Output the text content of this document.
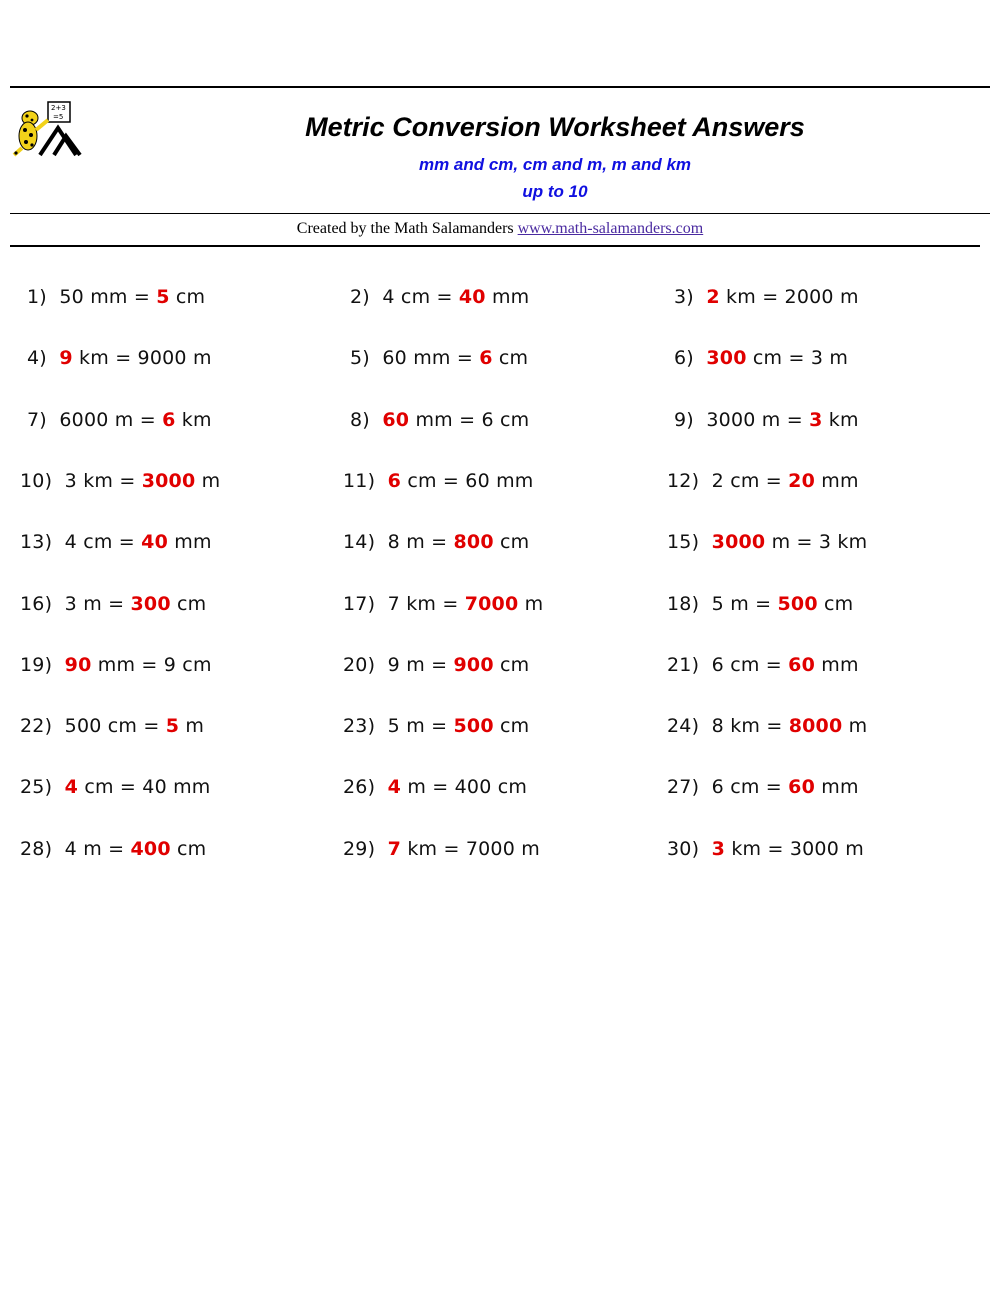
2+3
=5	Metric Conversion Worksheet Answers
mm and cm, cm and m, m and km
up to 10
Created by the Math Salamanders www.math-salamanders.com
1)  50 mm = 5 cm	2)  4 cm = 40 mm	3)  2 km = 2000 m
4)  9 km = 9000 m	5)  60 mm = 6 cm	6)  300 cm = 3 m
7)  6000 m = 6 km	8)  60 mm = 6 cm	9)  3000 m = 3 km
10)  3 km = 3000 m	11)  6 cm = 60 mm	12)  2 cm = 20 mm
13)  4 cm = 40 mm	14)  8 m = 800 cm	15)  3000 m = 3 km
16)  3 m = 300 cm	17)  7 km = 7000 m	18)  5 m = 500 cm
19)  90 mm = 9 cm	20)  9 m = 900 cm	21)  6 cm = 60 mm
22)  500 cm = 5 m	23)  5 m = 500 cm	24)  8 km = 8000 m
25)  4 cm = 40 mm	26)  4 m = 400 cm	27)  6 cm = 60 mm
28)  4 m = 400 cm	29)  7 km = 7000 m	30)  3 km = 3000 m
